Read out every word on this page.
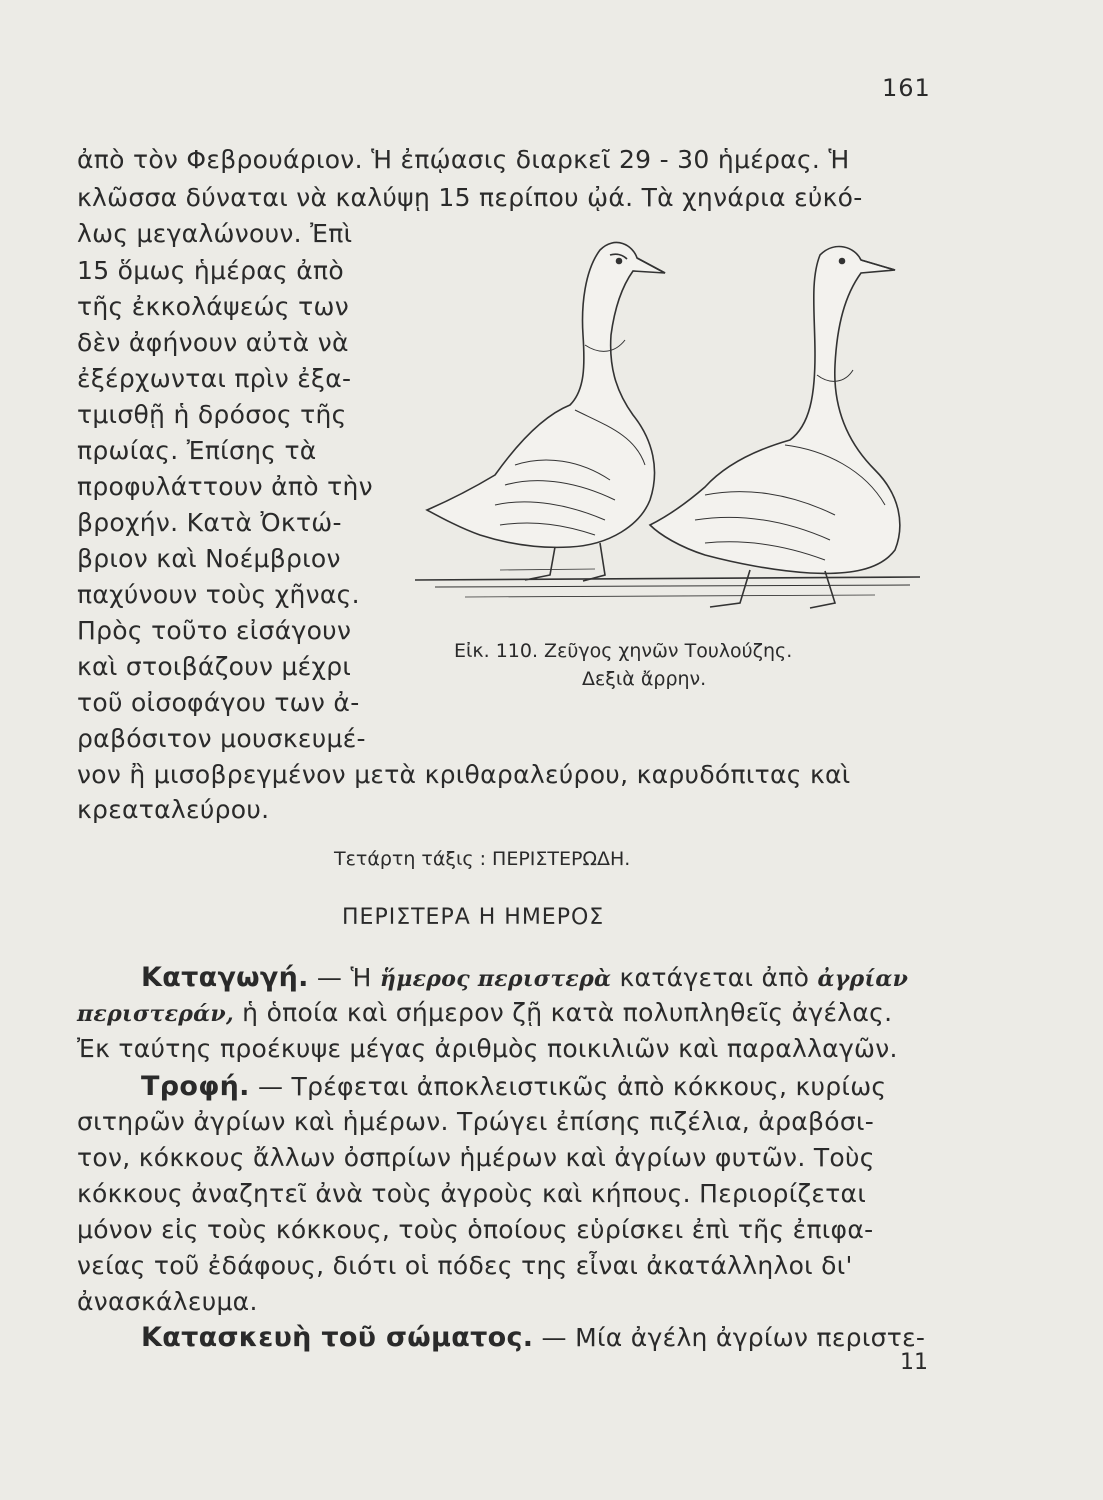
161
ἀπὸ τὸν Φεβρουάριον. Ἡ ἐπῴασις διαρκεῖ 29 - 30 ἡμέρας. Ἡ
κλῶσσα δύναται νὰ καλύψῃ 15 περίπου ᾠά. Τὰ χηνάρια εὐκό-
λως μεγαλώνουν. Ἐπὶ
15 ὅμως ἡμέρας ἀπὸ
τῆς ἐκκολάψεώς των
δὲν ἀφήνουν αὐτὰ νὰ
ἐξέρχωνται πρὶν ἐξα-
τμισθῇ ἡ δρόσος τῆς
πρωίας. Ἐπίσης τὰ
προφυλάττουν ἀπὸ τὴν
βροχήν. Κατὰ Ὀκτώ-
βριον καὶ Νοέμβριον
παχύνουν τοὺς χῆνας.
Πρὸς τοῦτο εἰσάγουν
καὶ στοιβάζουν μέχρι
τοῦ οἰσοφάγου των ἀ-
ραβόσιτον μουσκευμέ-
νον ἢ μισοβρεγμένον μετὰ κριθαραλεύρου, καρυδόπιτας καὶ
κρεαταλεύρου.
Εἰκ. 110. Ζεῦγος χηνῶν Τουλούζης.
Δεξιὰ ἄρρην.
Τετάρτη τάξις : ΠΕΡΙΣΤΕΡΩΔΗ.
ΠΕΡΙΣΤΕΡΑ Η ΗΜΕΡΟΣ
Καταγωγή. — Ἡ ἥμερος περιστερὰ κατάγεται ἀπὸ ἀγρίαν
περιστεράν, ἡ ὁποία καὶ σήμερον ζῇ κατὰ πολυπληθεῖς ἀγέλας.
Ἐκ ταύτης προέκυψε μέγας ἀριθμὸς ποικιλιῶν καὶ παραλλαγῶν.
Τροφή. — Τρέφεται ἀποκλειστικῶς ἀπὸ κόκκους, κυρίως
σιτηρῶν ἀγρίων καὶ ἡμέρων. Τρώγει ἐπίσης πιζέλια, ἀραβόσι-
τον, κόκκους ἄλλων ὀσπρίων ἡμέρων καὶ ἀγρίων φυτῶν. Τοὺς
κόκκους ἀναζητεῖ ἀνὰ τοὺς ἀγροὺς καὶ κήπους. Περιορίζεται
μόνον εἰς τοὺς κόκκους, τοὺς ὁποίους εὑρίσκει ἐπὶ τῆς ἐπιφα-
νείας τοῦ ἐδάφους, διότι οἱ πόδες της εἶναι ἀκατάλληλοι δι'
ἀνασκάλευμα.
Κατασκευὴ τοῦ σώματος. — Μία ἀγέλη ἀγρίων περιστε-
11
